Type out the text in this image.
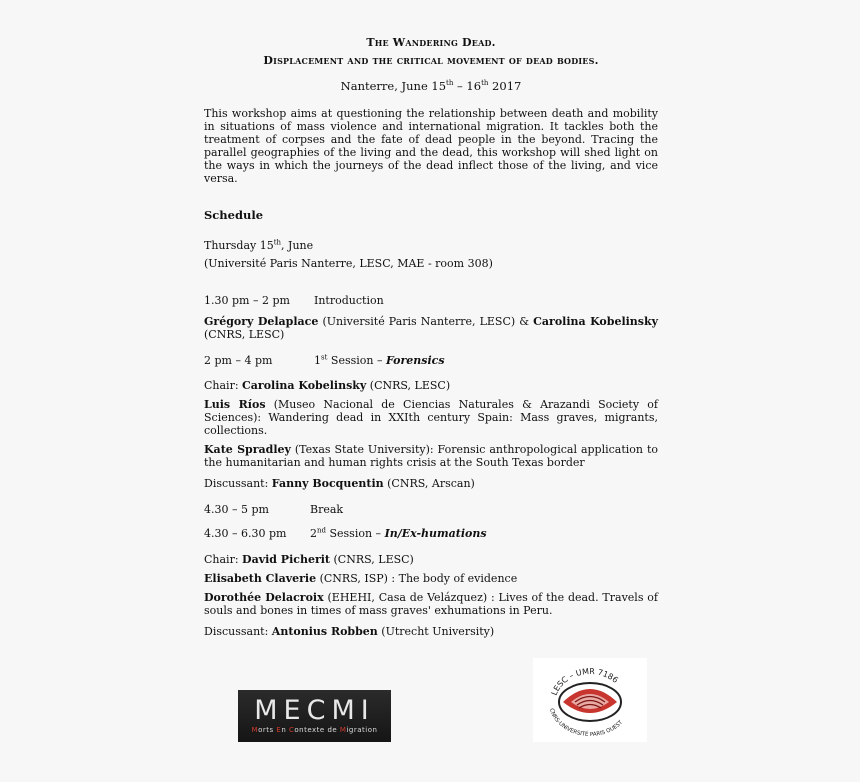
The Wandering Dead.
Displacement and the critical movement of dead bodies.
Nanterre, June 15th – 16th 2017
This workshop aims at questioning the relationship between death and mobility in situations of mass violence and international migration. It tackles both the treatment of corpses and the fate of dead people in the beyond. Tracing the parallel geographies of the living and the dead, this workshop will shed light on the ways in which the journeys of the dead inflect those of the living, and vice versa.
Schedule
Thursday 15th, June
(Université Paris Nanterre, LESC, MAE - room 308)
1.30 pm – 2 pm Introduction
Grégory Delaplace (Université Paris Nanterre, LESC) & Carolina Kobelinsky (CNRS, LESC)
2 pm – 4 pm	1st Session – Forensics
Chair: Carolina Kobelinsky (CNRS, LESC)
Luis Ríos (Museo Nacional de Ciencias Naturales & Arazandi Society of Sciences): Wandering dead in XXIth century Spain: Mass graves, migrants, collections.
Kate Spradley (Texas State University): Forensic anthropological application to the humanitarian and human rights crisis at the South Texas border
Discussant: Fanny Bocquentin (CNRS, Arscan)
4.30 – 5 pm	Break
4.30 – 6.30 pm 2nd Session – In/Ex-humations
Chair: David Picherit (CNRS, LESC)
Elisabeth Claverie (CNRS, ISP) : The body of evidence
Dorothée Delacroix (EHEHI, Casa de Velázquez) : Lives of the dead. Travels of souls and bones in times of mass graves' exhumations in Peru.
Discussant: Antonius Robben (Utrecht University)
MECMI
Morts En Contexte de Migration
LESC – UMR 7186
CNRS-UNIVERSITÉ PARIS OUEST
